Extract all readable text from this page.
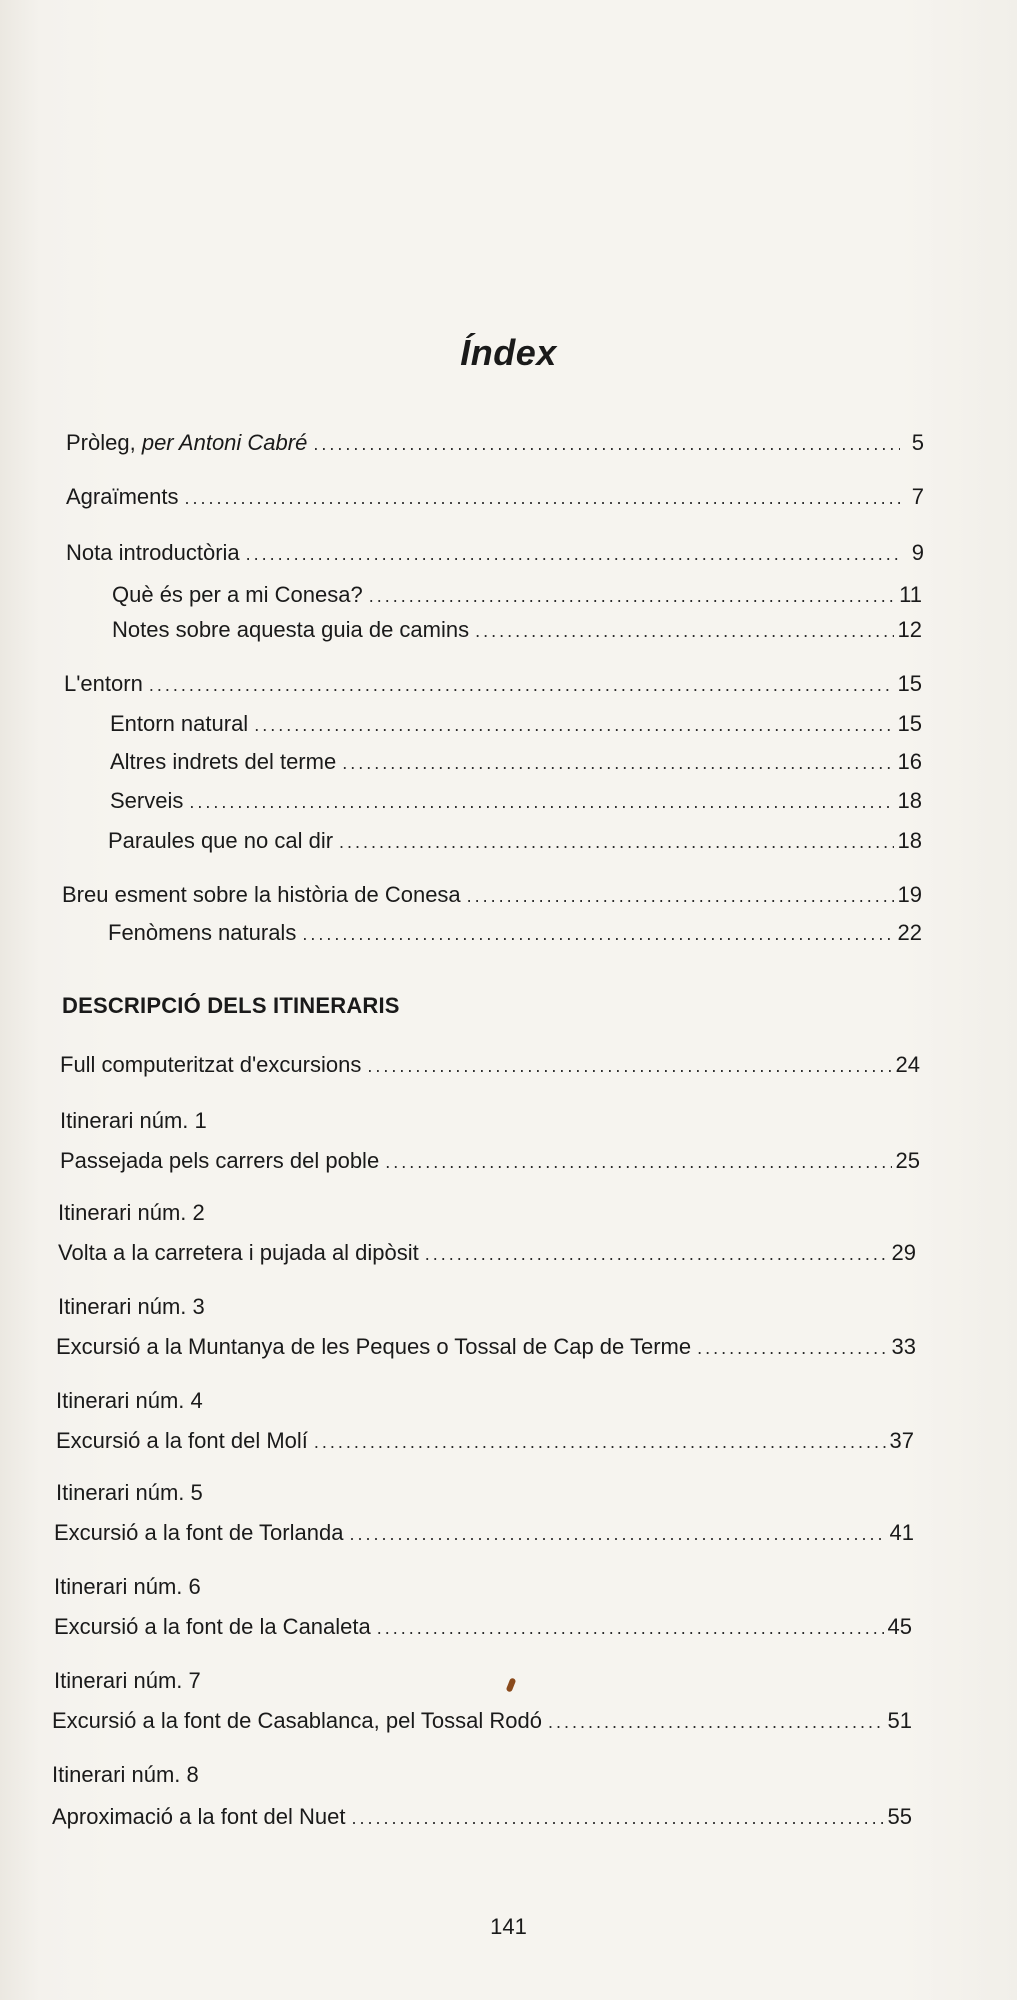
Índex
Pròleg, per Antoni Cabré .....	5
Agraïments .....	7
Nota introductòria .....	9
Què és per a mi Conesa? .....	11
Notes sobre aquesta guia de camins .....	12
L'entorn .....	15
Entorn natural .....	15
Altres indrets del terme .....	16
Serveis .....	18
Paraules que no cal dir .....	18
Breu esment sobre la història de Conesa .....	19
Fenòmens naturals .....	22
DESCRIPCIÓ DELS ITINERARIS
Full computeritzat d'excursions .....	24
Itinerari núm. 1
Passejada pels carrers del poble .....	25
Itinerari núm. 2
Volta a la carretera i pujada al dipòsit .....	29
Itinerari núm. 3
Excursió a la Muntanya de les Peques o Tossal de Cap de Terme .....	33
Itinerari núm. 4
Excursió a la font del Molí .....	37
Itinerari núm. 5
Excursió a la font de Torlanda .....	41
Itinerari núm. 6
Excursió a la font de la Canaleta .....	45
Itinerari núm. 7
Excursió a la font de Casablanca, pel Tossal Rodó .....	51
Itinerari núm. 8
Aproximació a la font del Nuet .....	55
141
